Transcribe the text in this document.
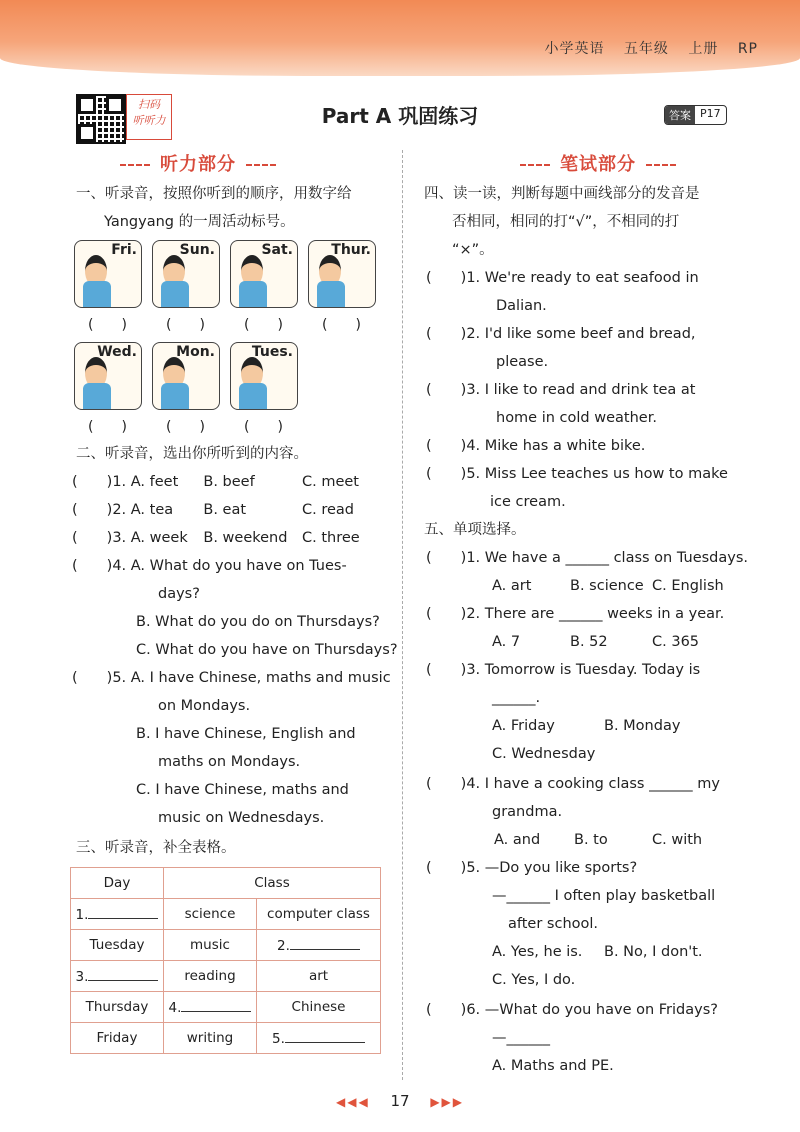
小学英语 五年级 上册 RP
扫码
听听力	Part A 巩固练习	答案 P17
听力部分
一、听录音，按照你听到的顺序，用数字给
Yangyang 的一周活动标号。
Fri.	Sun.	Sat.	Thur.
(　　)	(　　)	(　　)	(　　)
Wed.	Mon.	Tues.
(　　)	(　　)	(　　)
二、听录音，选出你所听到的内容。
(　　)1. A. feet B. beef	C. meet
(　　)2. A. tea B. eat	C. read
(　　)3. A. week B. weekend C. three
(　　)4. A. What do you have on Tues-
days?
B. What do you do on Thursdays?
C. What do you have on Thursdays?
(　　)5. A. I have Chinese, maths and music
on Mondays.
B. I have Chinese, English and
maths on Mondays.
C. I have Chinese, maths and
music on Wednesdays.
三、听录音，补全表格。
Day	Class	
1.	science	computer class
Tuesday	music	2.
3.	reading	art
Thursday	4.	Chinese
Friday	writing	5.
笔试部分
四、读一读，判断每题中画线部分的发音是
否相同，相同的打“√”，不相同的打
“×”。
(　　)1. We're ready to eat seafood in
Dalian.
(　　)2. I'd like some beef and bread,
please.
(　　)3. I like to read and drink tea at
home in cold weather.
(　　)4. Mike has a white bike.
(　　)5. Miss Lee teaches us how to make
ice cream.
五、单项选择。
(　　)1. We have a ______ class on Tuesdays.
A. art	B. science C. English
(　　)2. There are ______ weeks in a year.
A. 7	B. 52	C. 365
(　　)3. Tomorrow is Tuesday. Today is
______.
A. Friday	B. Monday
C. Wednesday
(　　)4. I have a cooking class ______ my
grandma.
A. and B. to	C. with
(　　)5. —Do you like sports?
—______ I often play basketball
after school.
A. Yes, he is. B. No, I don't.
C. Yes, I do.
(　　)6. —What do you have on Fridays?
—______
A. Maths and PE.
◀◀◀ 17 ▶▶▶
